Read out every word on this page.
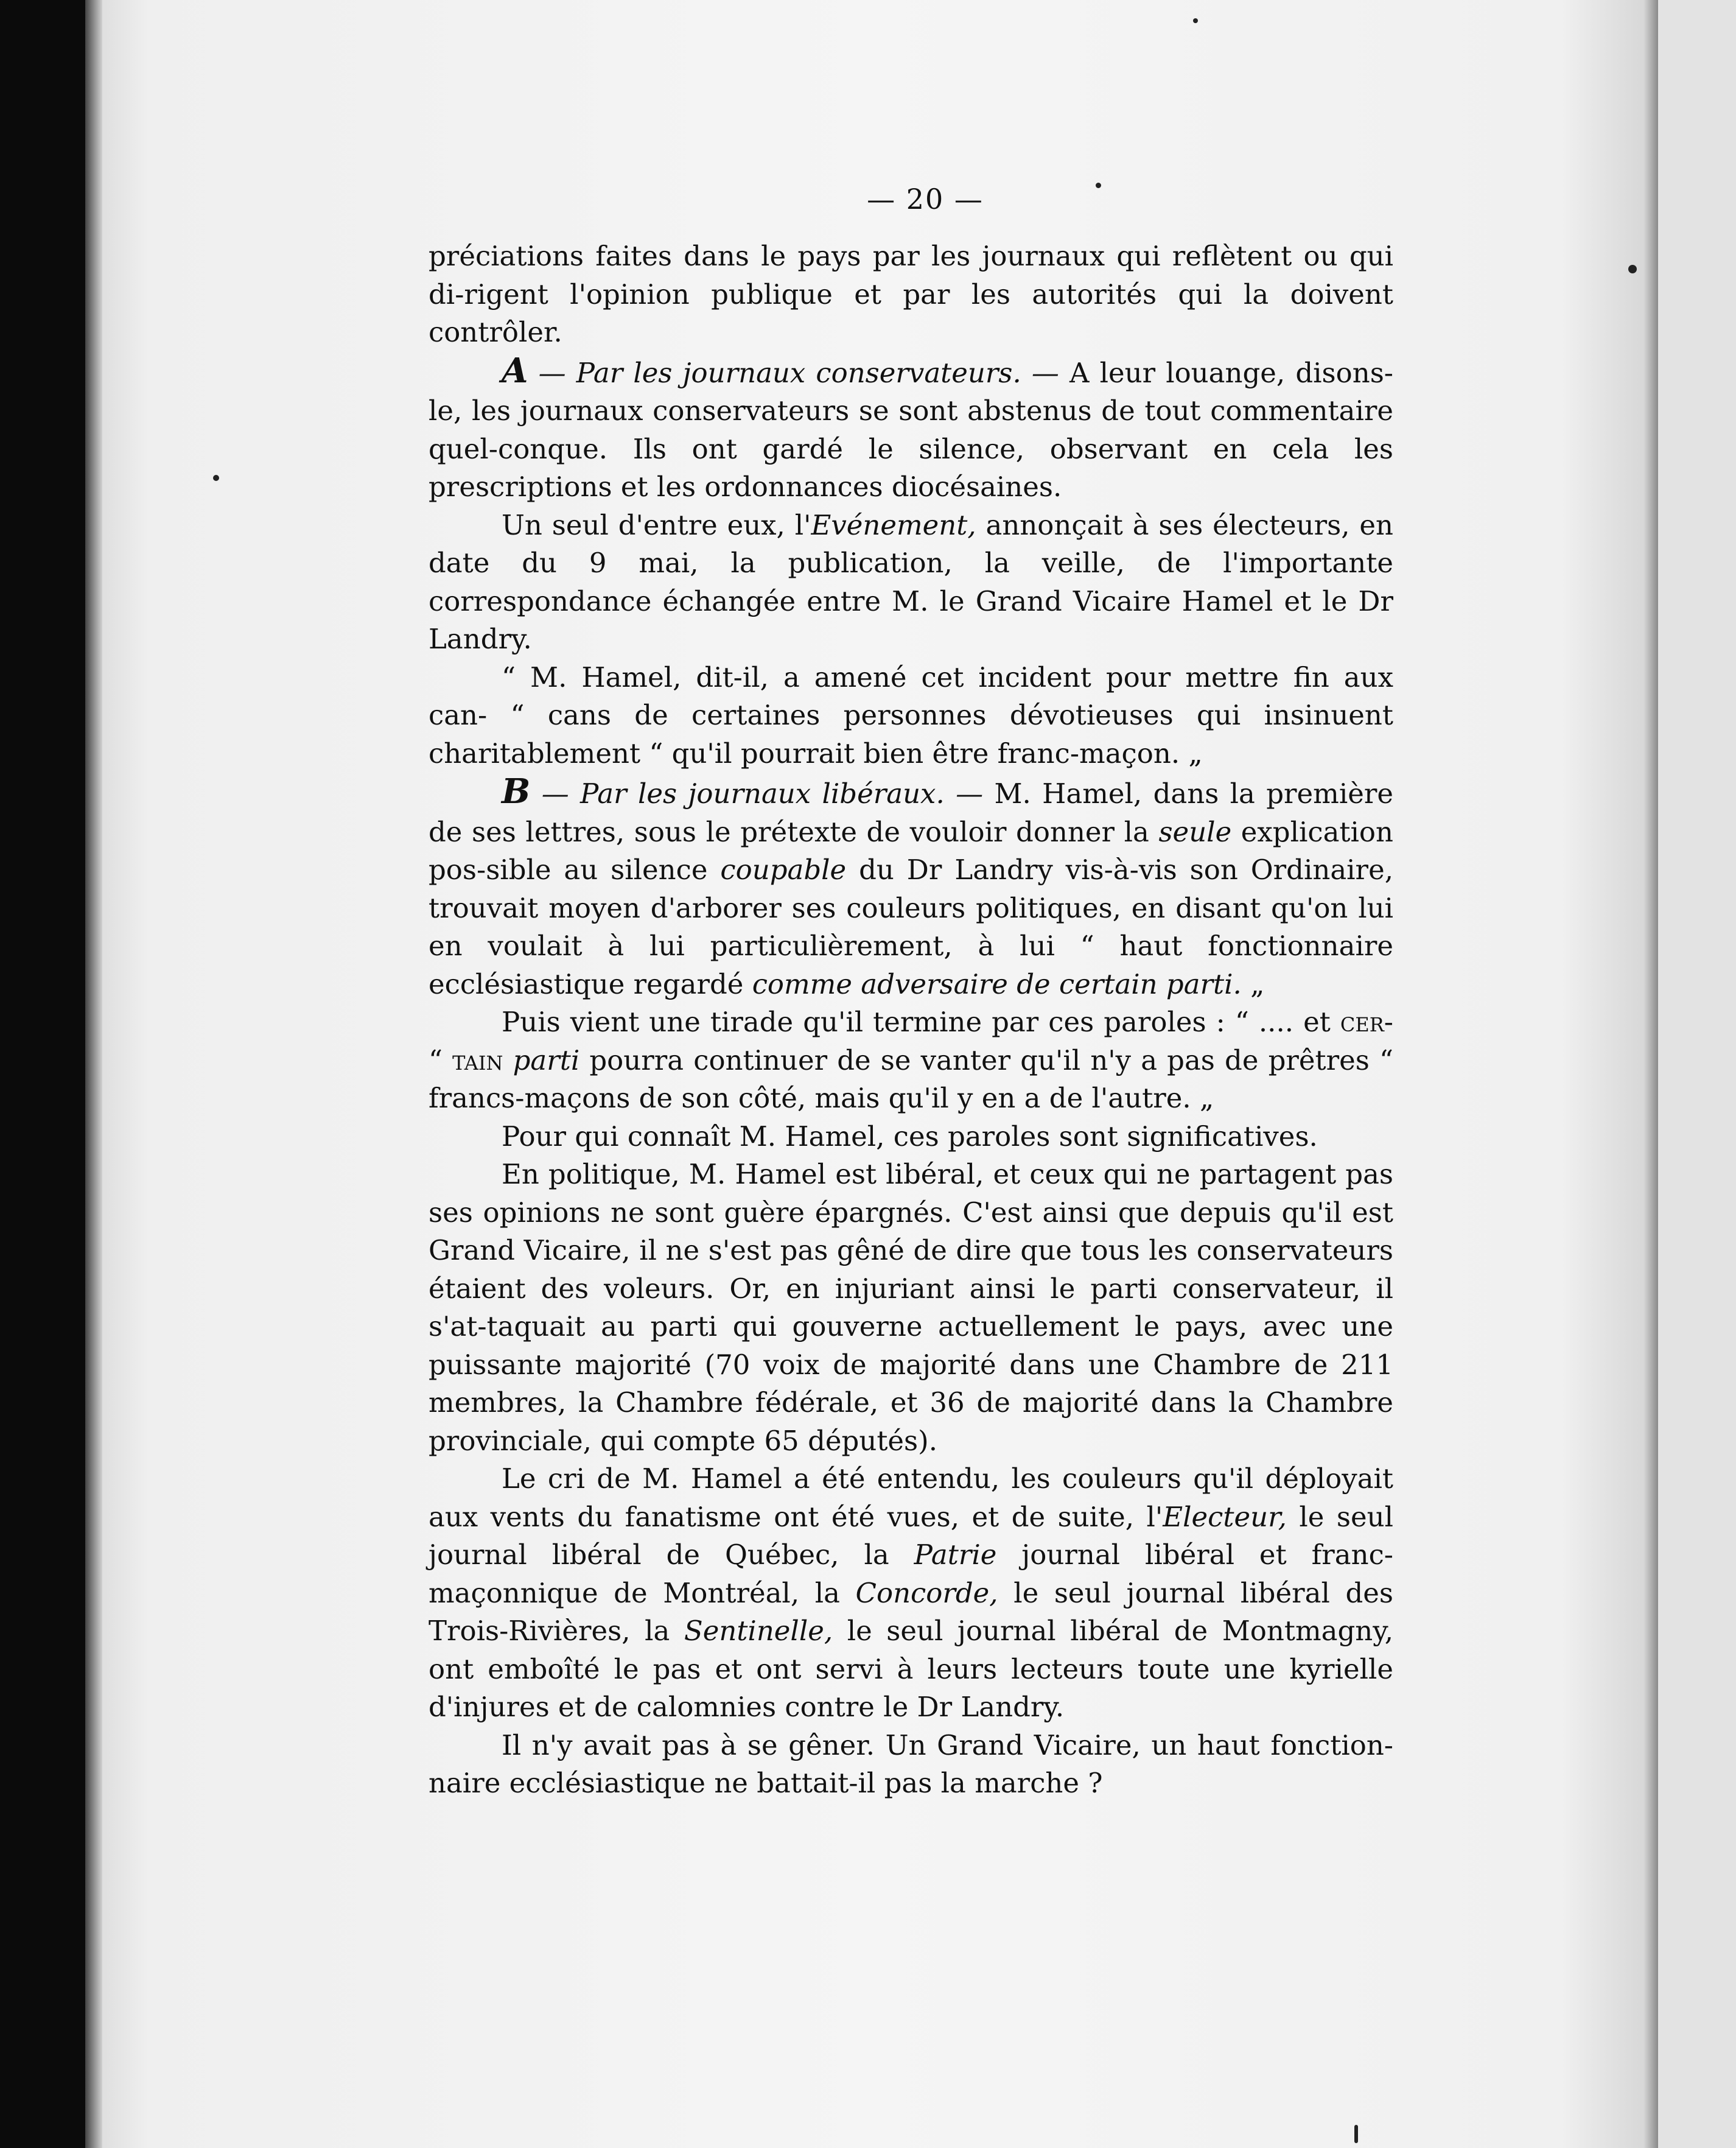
— 20 —

préciations faites dans le pays par les journaux qui reflètent ou qui di-rigent l'opinion publique et par les autorités qui la doivent contrôler.

A — Par les journaux conservateurs. — A leur louange, disons-le, les journaux conservateurs se sont abstenus de tout commentaire quel-conque. Ils ont gardé le silence, observant en cela les prescriptions et les ordonnances diocésaines.

Un seul d'entre eux, l'Evénement, annonçait à ses électeurs, en date du 9 mai, la publication, la veille, de l'importante correspondance échangée entre M. le Grand Vicaire Hamel et le Dr Landry.

“ M. Hamel, dit-il, a amené cet incident pour mettre fin aux can- “ cans de certaines personnes dévotieuses qui insinuent charitablement “ qu'il pourrait bien être franc-maçon. „

B — Par les journaux libéraux. — M. Hamel, dans la première de ses lettres, sous le prétexte de vouloir donner la seule explication pos-sible au silence coupable du Dr Landry vis-à-vis son Ordinaire, trouvait moyen d'arborer ses couleurs politiques, en disant qu'on lui en voulait à lui particulièrement, à lui “ haut fonctionnaire ecclésiastique regardé comme adversaire de certain parti. „

Puis vient une tirade qu'il termine par ces paroles : “ .... et cer- “ tain parti pourra continuer de se vanter qu'il n'y a pas de prêtres “ francs-maçons de son côté, mais qu'il y en a de l'autre. „

Pour qui connaît M. Hamel, ces paroles sont significatives.

En politique, M. Hamel est libéral, et ceux qui ne partagent pas ses opinions ne sont guère épargnés. C'est ainsi que depuis qu'il est Grand Vicaire, il ne s'est pas gêné de dire que tous les conservateurs étaient des voleurs. Or, en injuriant ainsi le parti conservateur, il s'at-taquait au parti qui gouverne actuellement le pays, avec une puissante majorité (70 voix de majorité dans une Chambre de 211 membres, la Chambre fédérale, et 36 de majorité dans la Chambre provinciale, qui compte 65 députés).

Le cri de M. Hamel a été entendu, les couleurs qu'il déployait aux vents du fanatisme ont été vues, et de suite, l'Electeur, le seul journal libéral de Québec, la Patrie journal libéral et franc-maçonnique de Montréal, la Concorde, le seul journal libéral des Trois-Rivières, la Sentinelle, le seul journal libéral de Montmagny, ont emboîté le pas et ont servi à leurs lecteurs toute une kyrielle d'injures et de calomnies contre le Dr Landry.

Il n'y avait pas à se gêner. Un Grand Vicaire, un haut fonction-naire ecclésiastique ne battait-il pas la marche ?
